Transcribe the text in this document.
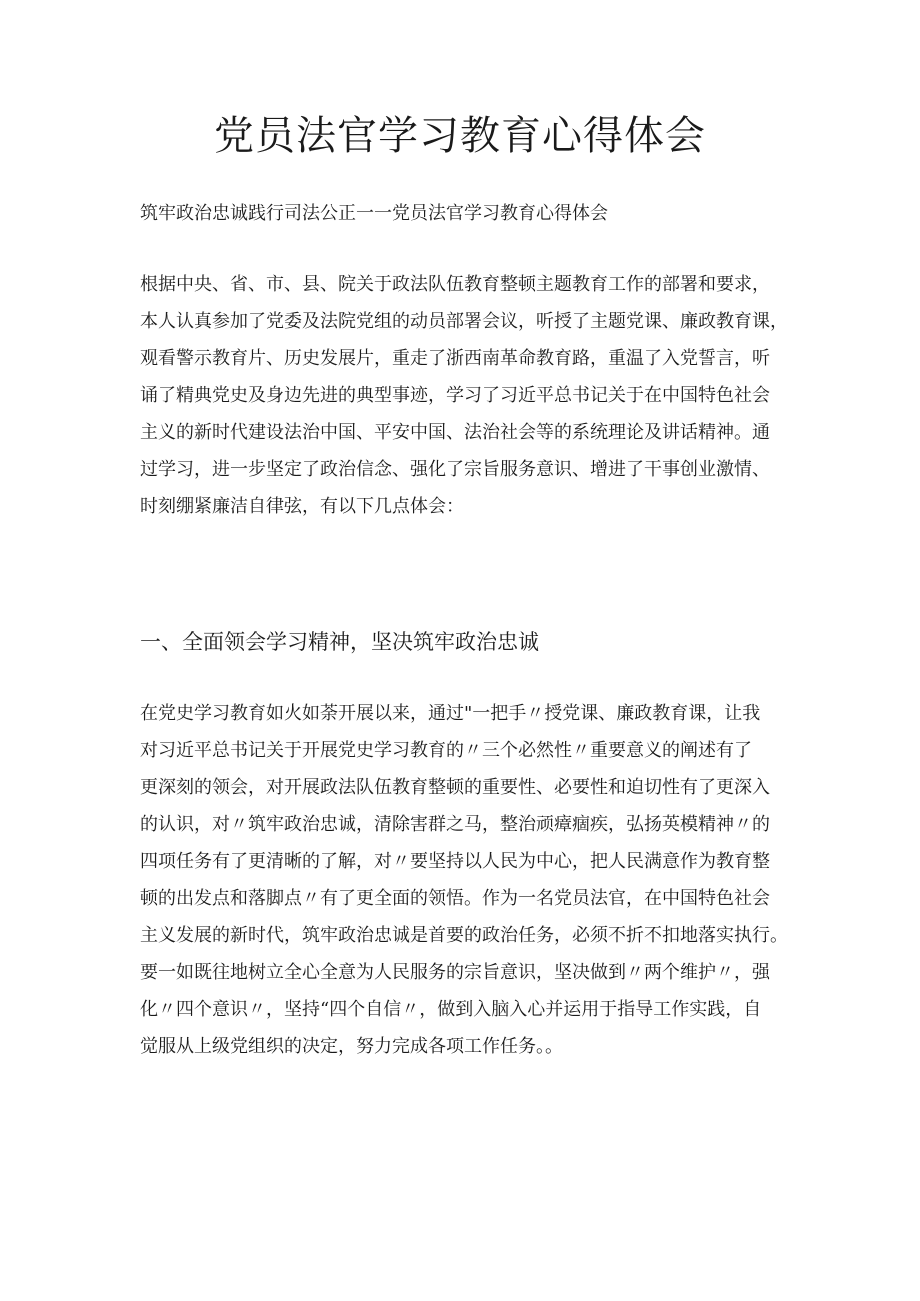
党员法官学习教育心得体会

筑牢政治忠诚践行司法公正一一党员法官学习教育心得体会

根据中央、省、市、县、院关于政法队伍教育整顿主题教育工作的部署和要求，
本人认真参加了党委及法院党组的动员部署会议，听授了主题党课、廉政教育课，
观看警示教育片、历史发展片，重走了浙西南革命教育路，重温了入党誓言，听
诵了精典党史及身边先进的典型事迹，学习了习近平总书记关于在中国特色社会
主义的新时代建设法治中国、平安中国、法治社会等的系统理论及讲话精神。通
过学习，进一步坚定了政治信念、强化了宗旨服务意识、增进了干事创业激情、
时刻绷紧廉洁自律弦，有以下几点体会：
一、全面领会学习精神，坚决筑牢政治忠诚
在党史学习教育如火如荼开展以来，通过"一把手〃授党课、廉政教育课，让我
对习近平总书记关于开展党史学习教育的〃三个必然性〃重要意义的阐述有了
更深刻的领会，对开展政法队伍教育整顿的重要性、必要性和迫切性有了更深入
的认识，对〃筑牢政治忠诚，清除害群之马，整治顽瘴痼疾，弘扬英模精神〃的
四项任务有了更清晰的了解，对〃要坚持以人民为中心，把人民满意作为教育整
顿的出发点和落脚点〃有了更全面的领悟。作为一名党员法官，在中国特色社会
主义发展的新时代，筑牢政治忠诚是首要的政治任务，必须不折不扣地落实执行。
要一如既往地树立全心全意为人民服务的宗旨意识，坚决做到〃两个维护〃，强
化〃四个意识〃，坚持“四个自信〃，做到入脑入心并运用于指导工作实践，自
觉服从上级党组织的决定，努力完成各项工作任务。。
